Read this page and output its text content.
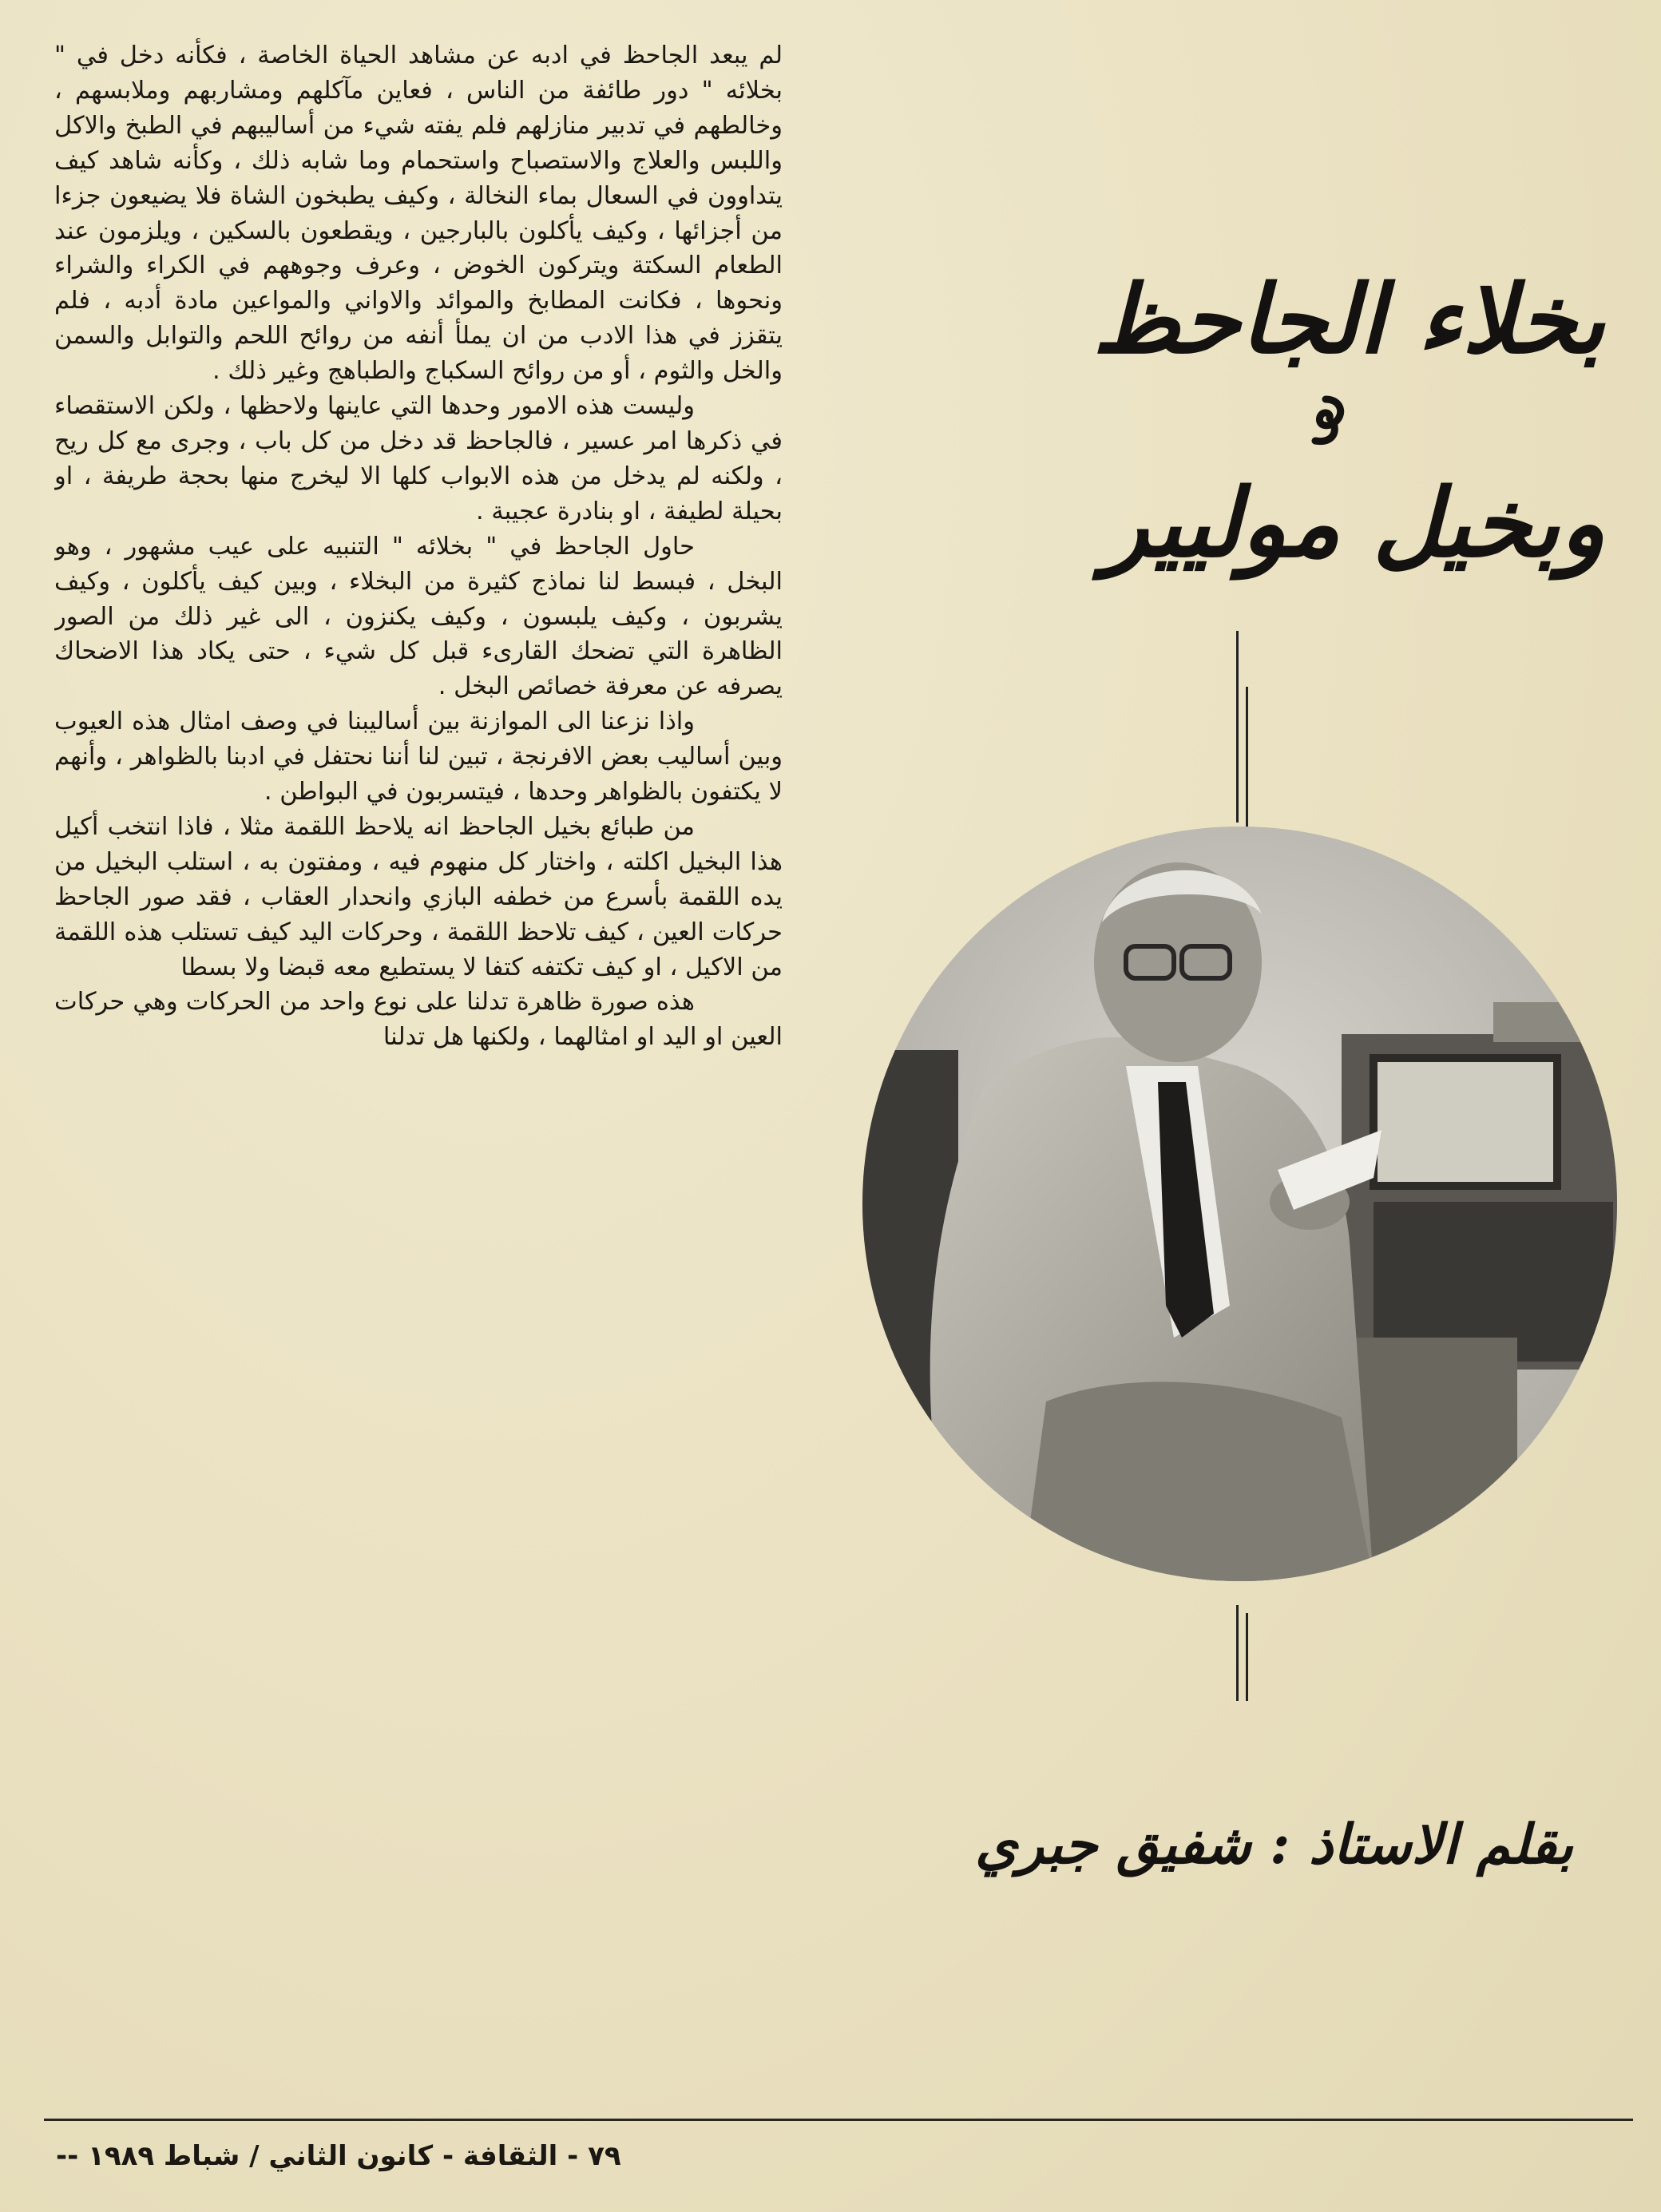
لم يبعد الجاحظ في ادبه عن مشاهد الحياة الخاصة ، فكأنه دخل في " بخلائه " دور طائفة من الناس ، فعاين مآكلهم ومشاربهم وملابسهم ، وخالطهم في تدبير منازلهم فلم يفته شيء من أساليبهم في الطبخ والاكل واللبس والعلاج والاستصباح واستحمام وما شابه ذلك ، وكأنه شاهد كيف يتداوون في السعال بماء النخالة ، وكيف يطبخون الشاة فلا يضيعون جزءا من أجزائها ، وكيف يأكلون بالبارجين ، ويقطعون بالسكين ، ويلزمون عند الطعام السكتة ويتركون الخوض ، وعرف وجوههم في الكراء والشراء ونحوها ، فكانت المطابخ والموائد والاواني والمواعين مادة أدبه ، فلم يتقزز في هذا الادب من ان يملأ أنفه من روائح اللحم والتوابل والسمن والخل والثوم ، أو من روائح السكباج والطباهج وغير ذلك .

وليست هذه الامور وحدها التي عاينها ولاحظها ، ولكن الاستقصاء في ذكرها امر عسير ، فالجاحظ قد دخل من كل باب ، وجرى مع كل ريح ، ولكنه لم يدخل من هذه الابواب كلها الا ليخرج منها بحجة طريفة ، او بحيلة لطيفة ، او بنادرة عجيبة .

حاول الجاحظ في " بخلائه " التنبيه على عيب مشهور ، وهو البخل ، فبسط لنا نماذج كثيرة من البخلاء ، وبين كيف يأكلون ، وكيف يشربون ، وكيف يلبسون ، وكيف يكنزون ، الى غير ذلك من الصور الظاهرة التي تضحك القارىء قبل كل شيء ، حتى يكاد هذا الاضحاك يصرفه عن معرفة خصائص البخل .

واذا نزعنا الى الموازنة بين أساليبنا في وصف امثال هذه العيوب وبين أساليب بعض الافرنجة ، تبين لنا أننا نحتفل في ادبنا بالظواهر ، وأنهم لا يكتفون بالظواهر وحدها ، فيتسربون في البواطن .

من طبائع بخيل الجاحظ انه يلاحظ اللقمة مثلا ، فاذا انتخب أكيل هذا البخيل اكلته ، واختار كل منهوم فيه ، ومفتون به ، استلب البخيل من يده اللقمة بأسرع من خطفه البازي وانحدار العقاب ، فقد صور الجاحظ حركات العين ، كيف تلاحظ اللقمة ، وحركات اليد كيف تستلب هذه اللقمة من الاكيل ، او كيف تكتفه كتفا لا يستطيع معه قبضا ولا بسطا

هذه صورة ظاهرة تدلنا على نوع واحد من الحركات وهي حركات العين او اليد او امثالهما ، ولكنها هل تدلنا

بخلاء الجاحظ
وبخيل موليير
بقلم الاستاذ : شفيق جبري
-- ٧٩ - الثقافة - كانون الثاني / شباط ١٩٨٩
